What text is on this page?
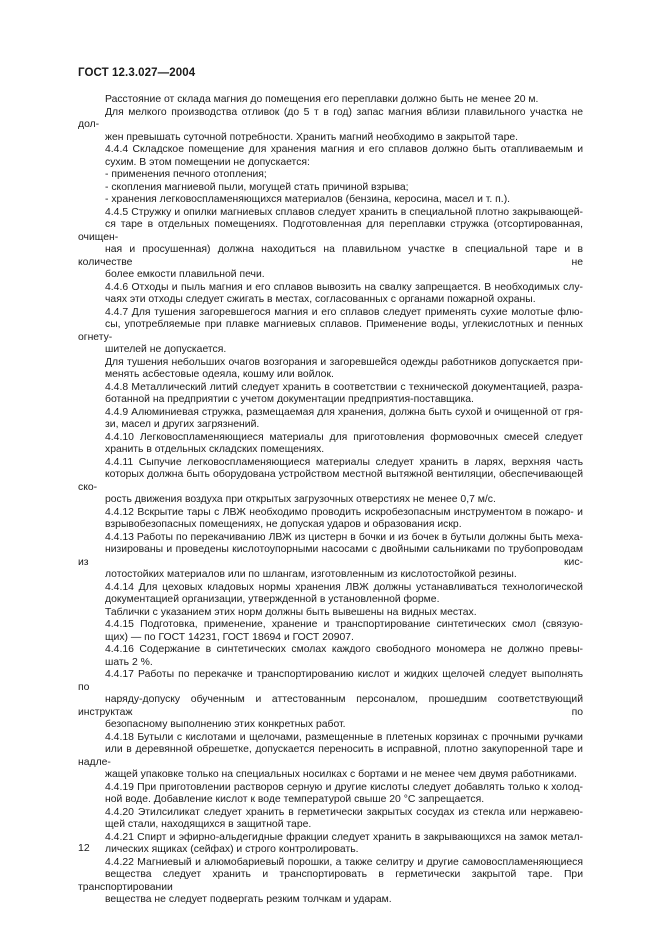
ГОСТ 12.3.027—2004
Расстояние от склада магния до помещения его переплавки должно быть не менее 20 м.
Для мелкого производства отливок (до 5 т в год) запас магния вблизи плавильного участка не дол-
жен превышать суточной потребности. Хранить магний необходимо в закрытой таре.
4.4.4 Складское помещение для хранения магния и его сплавов должно быть отапливаемым и
сухим. В этом помещении не допускается:
- применения печного отопления;
- скопления магниевой пыли, могущей стать причиной взрыва;
- хранения легковоспламеняющихся материалов (бензина, керосина, масел и т. п.).
4.4.5 Стружку и опилки магниевых сплавов следует хранить в специальной плотно закрывающей-
ся таре в отдельных помещениях. Подготовленная для переплавки стружка (отсортированная, очищен-
ная и просушенная) должна находиться на плавильном участке в специальной таре и в количестве не
более емкости плавильной печи.
4.4.6 Отходы и пыль магния и его сплавов вывозить на свалку запрещается. В необходимых слу-
чаях эти отходы следует сжигать в местах, согласованных с органами пожарной охраны.
4.4.7 Для тушения загоревшегося магния и его сплавов следует применять сухие молотые флю-
сы, употребляемые при плавке магниевых сплавов. Применение воды, углекислотных и пенных огнету-
шителей не допускается.
Для тушения небольших очагов возгорания и загоревшейся одежды работников допускается при-
менять асбестовые одеяла, кошму или войлок.
4.4.8 Металлический литий следует хранить в соответствии с технической документацией, разра-
ботанной на предприятии с учетом документации предприятия-поставщика.
4.4.9 Алюминиевая стружка, размещаемая для хранения, должна быть сухой и очищенной от гря-
зи, масел и других загрязнений.
4.4.10 Легковоспламеняющиеся материалы для приготовления формовочных смесей следует
хранить в отдельных складских помещениях.
4.4.11 Сыпучие легковоспламеняющиеся материалы следует хранить в ларях, верхняя часть
которых должна быть оборудована устройством местной вытяжной вентиляции, обеспечивающей ско-
рость движения воздуха при открытых загрузочных отверстиях не менее 0,7 м/с.
4.4.12 Вскрытие тары с ЛВЖ необходимо проводить искробезопасным инструментом в пожаро- и
взрывобезопасных помещениях, не допуская ударов и образования искр.
4.4.13 Работы по перекачиванию ЛВЖ из цистерн в бочки и из бочек в бутыли должны быть меха-
низированы и проведены кислотоупорными насосами с двойными сальниками по трубопроводам из кис-
лотостойких материалов или по шлангам, изготовленным из кислотостойкой резины.
4.4.14 Для цеховых кладовых нормы хранения ЛВЖ должны устанавливаться технологической
документацией организации, утвержденной в установленной форме.
Таблички с указанием этих норм должны быть вывешены на видных местах.
4.4.15 Подготовка, применение, хранение и транспортирование синтетических смол (связую-
щих) — по ГОСТ 14231, ГОСТ 18694 и ГОСТ 20907.
4.4.16 Содержание в синтетических смолах каждого свободного мономера не должно превы-
шать 2 %.
4.4.17 Работы по перекачке и транспортированию кислот и жидких щелочей следует выполнять по
наряду-допуску обученным и аттестованным персоналом, прошедшим соответствующий инструктаж по
безопасному выполнению этих конкретных работ.
4.4.18 Бутыли с кислотами и щелочами, размещенные в плетеных корзинах с прочными ручками
или в деревянной обрешетке, допускается переносить в исправной, плотно закупоренной таре и надле-
жащей упаковке только на специальных носилках с бортами и не менее чем двумя работниками.
4.4.19 При приготовлении растворов серную и другие кислоты следует добавлять только к холод-
ной воде. Добавление кислот к воде температурой свыше 20 °С запрещается.
4.4.20 Этилсиликат следует хранить в герметически закрытых сосудах из стекла или нержавею-
щей стали, находящихся в защитной таре.
4.4.21 Спирт и эфирно-альдегидные фракции следует хранить в закрывающихся на замок метал-
лических ящиках (сейфах) и строго контролировать.
4.4.22 Магниевый и алюмобариевый порошки, а также селитру и другие самовоспламеняющиеся
вещества следует хранить и транспортировать в герметически закрытой таре. При транспортировании
вещества не следует подвергать резким толчкам и ударам.
12
